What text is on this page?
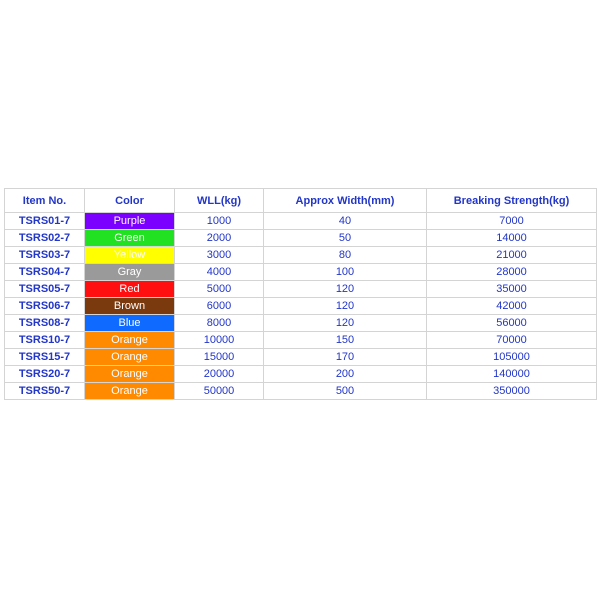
Item No.	Color	WLL(kg)	Approx Width(mm)	Breaking Strength(kg)
TSRS01-7	Purple	1000	40	7000
TSRS02-7	Green	2000	50	14000
TSRS03-7	Yellow	3000	80	21000
TSRS04-7	Gray	4000	100	28000
TSRS05-7	Red	5000	120	35000
TSRS06-7	Brown	6000	120	42000
TSRS08-7	Blue	8000	120	56000
TSRS10-7	Orange	10000	150	70000
TSRS15-7	Orange	15000	170	105000
TSRS20-7	Orange	20000	200	140000
TSRS50-7	Orange	50000	500	350000
